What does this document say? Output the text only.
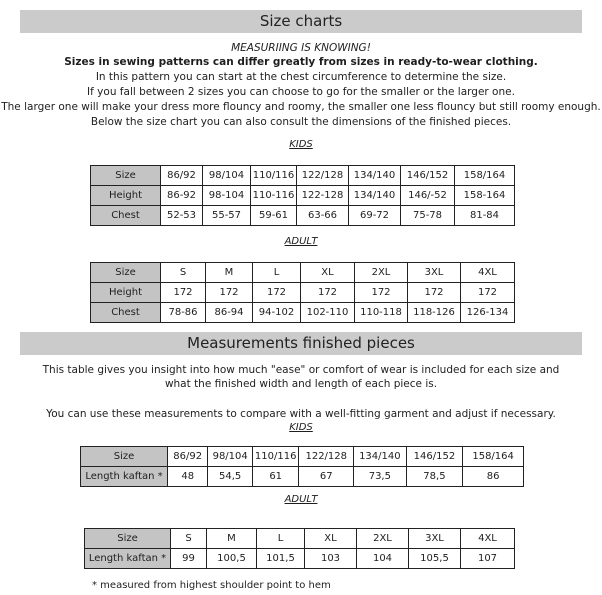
Size charts
MEASURIING IS KNOWING!
Sizes in sewing patterns can differ greatly from sizes in ready-to-wear clothing.
In this pattern you can start at the chest circumference to determine the size.
If you fall between 2 sizes you can choose to go for the smaller or the larger one.
The larger one will make your dress more flouncy and roomy, the smaller one less flouncy but still roomy enough.
Below the size chart you can also consult the dimensions of the finished pieces.
KIDS
Size	86/92	98/104	110/116	122/128	134/140	146/152	158/164
Height	86-92	98-104	110-116	122-128	134/140	146/-52	158-164
Chest	52-53	55-57	59-61	63-66	69-72	75-78	81-84
ADULT
Size	S	M	L	XL	2XL	3XL	4XL
Height	172	172	172	172	172	172	172
Chest	78-86	86-94	94-102	102-110	110-118	118-126	126-134
Measurements finished pieces
This table gives you insight into how much "ease" or comfort of wear is included for each size and
what the finished width and length of each piece is.
You can use these measurements to compare with a well-fitting garment and adjust if necessary.
KIDS
Size	86/92	98/104	110/116	122/128	134/140	146/152	158/164
Length kaftan *	48	54,5	61	67	73,5	78,5	86
ADULT
Size	S	M	L	XL	2XL	3XL	4XL
Length kaftan *	99	100,5	101,5	103	104	105,5	107
* measured from highest shoulder point to hem
